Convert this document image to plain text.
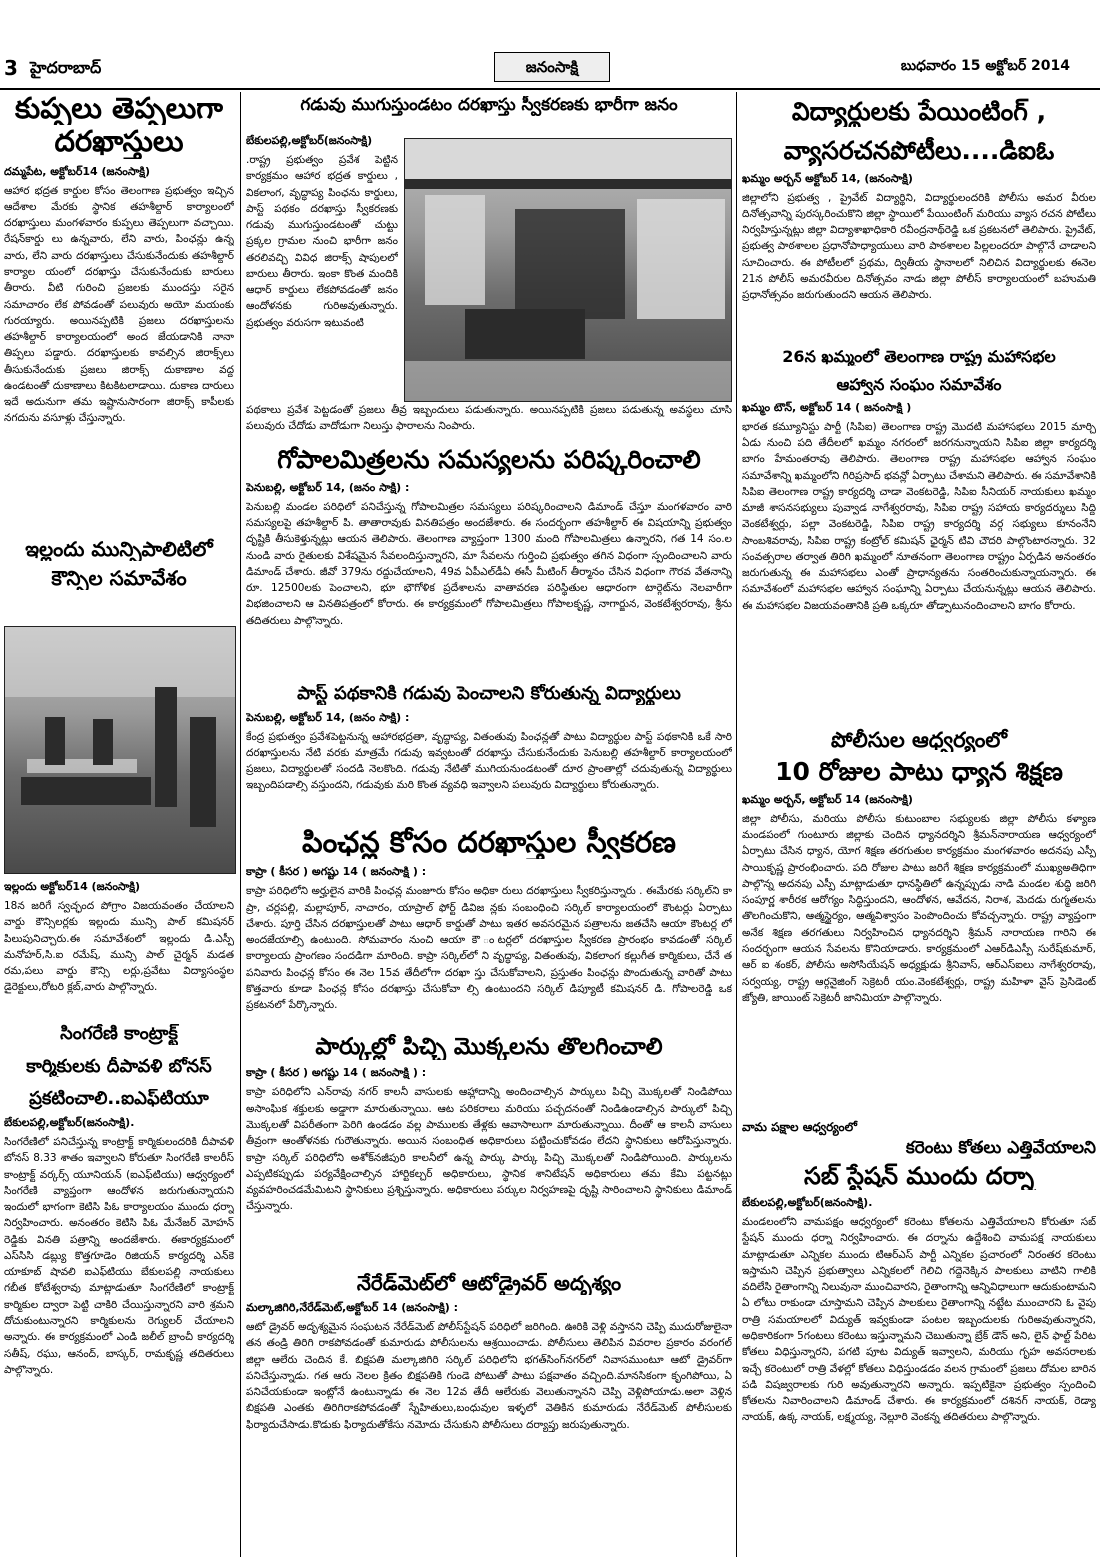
3 హైదరాబాద్	జనంసాక్షి	బుధవారం 15 అక్టోబర్ 2014

కుప్పలు తెప్పలుగా

దరఖాస్తులు

దమ్మపేట, అక్టోబర్14 (జనంసాక్షి)

ఆహార భద్రత కార్డుల కోసం తెలంగాణ ప్రభుత్వం ఇచ్చిన ఆదేశాల మేరకు స్థానిక తహశీల్దార్ కార్యాలంలో దరఖాస్తులు మంగళవారం కుప్పలు తెప్పలుగా వచ్చాయి. రేషన్‌కార్డు లు ఉన్నవారు, లేని వారు, పింఛన్లు ఉన్న వారు, లేని వారు దరఖాస్తులు చేసుకునేందుకు తహశీల్దార్ కార్యాల యంలో దరఖాస్తు చేసుకునేందుకు బారులు తీరారు. వీటి గురించి ప్రజలకు ముందస్తు సరైన సమాచారం లేక పోవడంతో పలువురు అయో మయంకు గురయ్యారు. అయినప్పటికి ప్రజలు దరఖాస్తులను తహశీల్దార్ కార్యాలయంలో అంద జేయడానికి నానా తిప్పలు పడ్డారు. దరఖాస్తులకు కావల్సిన జిరాక్స్‌లు తీసుకునేందుకు ప్రజలు జిరాక్స్ దుకాణాల వద్ద ఉండటంతో దుకాణాలు కిటకిటలాడాయి. దుకాణ దారులు ఇదే అదునుగా తమ ఇష్టానుసారంగా జిరాక్స్ కాపీలకు నగదును వసూళ్లు చేస్తున్నారు.

ఇల్లందు మున్సిపాలిటిలో

కౌన్సిల సమావేశం

ఇల్లందు అక్టోబర్14 (జనంసాక్షి)

18న జరిగే స్వచ్ఛంద పోగ్రాం విజయవంతం చేయాలని వార్డు కౌన్సిలర్లకు ఇల్లందు మున్సి పాల్ కమిషనర్ పిలుపునిచ్చారు.ఈ సమావేశంలో ఇల్లందు డి.ఎస్పీ మనోహర్,సి.ఐ రమేష్, మున్సి పాల్ చైర్మన్ మడత రమ,పలు వార్డు కౌన్సి లర్లు,ప్రవేటు విద్యాసంస్థల డైరెక్టులు,రోటరి క్లబ్,వారు పాల్గొన్నారు.

సింగరేణి కాంట్రాక్ట్

కార్మికులకు దీపావళి బోనస్

ప్రకటించాలి..ఐఎఫ్‌టియూ

బేకులపల్లి,అక్టోబర్(జనంసాక్షి).

సింగరేణిలో పనిచేస్తున్న కాంట్రాక్ట్ కార్మికులందరికి దీపావళి బోనస్ 8.33 శాతం ఇవ్వాలని కోరుతూ సింగరేణి కాలరీస్ కాంట్రాక్ట్ వర్కర్స్ యూనియన్ (ఐఎఫ్‌టియు) ఆధ్వర్యంలో సింగరేణి వ్యాప్తంగా ఆందోళన జరుగుతున్నాయని ఇందులో భాగంగా కెటిసి పిఓ కార్యాలయం ముందు ధర్నా నిర్వహించారు. అనంతరం కెటిసి పిఓ మేనేజర్ మోహన్ రెడ్డికు వినతి పత్రాన్ని అందజేశారు. ఈకార్యక్రమంలో ఎస్‌సిసి డబ్ల్యు కొత్తగూడెం రిజియన్ కార్యదర్శి ఎన్‌కె యాకూబ్ షావలి ఐఎఫ్‌టియు బేకులపల్లి నాయకులు గబీత కోటేశ్వరావు మాట్లాడుతూ సింగరేణిలో కాంట్రాక్ట్ కార్మికుల ద్వారా పెట్టి చాకిరి చేయిస్తున్నారని వారి శ్రమని దోచుకుంటున్నారని కార్మికులను రెగ్యులర్ చేయాలని అన్నారు. ఈ కార్యక్రమంలో ఎండి జలీల్ బ్రాంచీ కార్యదర్శి సతీష్, రఘు, ఆనంద్, బాస్కర్, రామకృష్ణ తదితరులు పాల్గొన్నారు.

గడువు ముగుస్తుండటం దరఖాస్తు స్వీకరణకు భారీగా జనం

బేకులపల్లి,అక్టోబర్(జనంసాక్షి)

.రాష్ట్ర ప్రభుత్వం ప్రవేశ పెట్టిన కార్యక్రమం ఆహార భద్రత కార్డులు , వికలాంగ, వృద్ధాప్య పింఛను కార్డులు, పాస్ట్ పథకం దరఖాస్తు స్వీకరణకు గడువు ముగుస్తుండటంతో చుట్టు ప్రక్కల గ్రామల నుంచి భారీగా జనం తరలివచ్చి వివిధ జిరాక్స్ షాపులలో బారులు తీరారు. ఇంకా కొంత మందికి ఆధార్ కార్డులు లేకపోవడంతో జనం ఆందోళనకు గురిఅవుతున్నారు. ప్రభుత్వం వరుసగా ఇటువంటి

పథకాలు ప్రవేశ పెట్టడంతో ప్రజలు తీవ్ర ఇబ్బందులు పడుతున్నారు. అయినప్పటికి ప్రజలు పడుతున్న అవస్థలు చూసి పలువురు చేదోడు వాదోడుగా నిలుస్తు ఫారాలను నింపారు.

గోపాలమిత్రలను సమస్యలను పరిష్కరించాలి

పెనుబల్లి, అక్టోబర్ 14, (జనం సాక్షి) :

పెనుబల్లి మండల పరిధిలో పనిచేస్తున్న గోపాలమిత్రల సమస్యలు పరిష్కరించాలని డిమాండ్ చేస్తూ మంగళవారం వారి సమస్యలపై తహశీల్దార్ పి. తాతారావుకు వినతిపత్రం అందజేశారు. ఈ సందర్భంగా తహశీల్దార్ ఈ విషయాన్ని ప్రభుత్వం దృష్టికి తీసుకెళ్తున్నట్లు ఆయన తెలిపారు. తెలంగాణ వ్యాప్తంగా 1300 మంది గోపాలమిత్రలు ఉన్నారని, గత 14 సం.ల నుండి వారు రైతులకు విశేషమైన సేవలందిస్తున్నారని, మా సేవలను గుర్తించి ప్రభుత్వం తగిన విధంగా స్పందించాలని వారు డిమాండ్ చేశారు. జీవో 379ను రద్దుచేయాలని, 49వ ఏపీఎల్‌డీఏ ఈసీ మీటింగ్ తీర్మానం చేసిన విధంగా గౌరవ వేతనాన్ని రూ. 12500లకు పెంచాలని, భూ భౌగోళిక ప్రదేశాలను వాతావరణ పరిస్థితుల ఆధారంగా టార్గెట్‌ను నెలవారీగా విభజించాలని ఆ వినతిపత్రంలో కోరారు. ఈ కార్యక్రమంలో గోపాలమిత్రలు గోపాలకృష్ణ, నాగార్జున, వెంకటేశ్వరరావు, శ్రీను తదితరులు పాల్గొన్నారు.

పాస్ట్ పథకానికి గడువు పెంచాలని కోరుతున్న విద్యార్థులు

పెనుబల్లి, అక్టోబర్ 14, (జనం సాక్షి) :

కేంద్ర ప్రభుత్వం ప్రవేశపెట్టనున్న ఆహారభద్రతా, వృద్ధాప్య, వితంతువు పింఛన్లతో పాటు విద్యార్థుల పాస్ట్ పథకానికి ఒకే సారి దరఖాస్తులను నేటి వరకు మాత్రమే గడువు ఇవ్వటంతో దరఖాస్తు చేసుకునేందుకు పెనుబల్లి తహశీల్దార్ కార్యాలయంలో ప్రజలు, విద్యార్థులతో సందడి నెలకొంది. గడువు నేటితో ముగియనుండటంతో దూర ప్రాంతాల్లో చదువుతున్న విద్యార్థులు ఇబ్బందిపడాల్సి వస్తుందని, గడువుకు మరి కొంత వ్యవధి ఇవ్వాలని పలువురు విద్యార్థులు కోరుతున్నారు.

పింఛన్ల కోసం దరఖాస్తుల స్వీకరణ

కాప్రా ( కీసర ) అగష్టు 14 ( జనంసాక్షి ) :

కాప్రా పరిధిలోని అర్హులైన వారికి పింఛన్ల మంజూరు కోసం అధికా రులు దరఖాస్తులు స్వీకరిస్తున్నారు . ఈమేరకు సర్కిల్‌ని కా ప్రా, చర్లపల్లి, మల్లాపూర్, నాచారం, యాప్రాల్ ఫోర్ట్ డివిజ న్లకు సంబంధించి సర్కిల్ కార్యాలయంలో కౌంటర్లు ఏర్పాటు చేశారు. పూర్తి చేసిన దరఖాస్తులతో పాటు ఆధార్ కార్డుతో పాటు ఇతర అవసరమైన పత్రాలను జతచేసి ఆయా కౌంటర్ల లో అందజేయాల్సి ఉంటుంది. సోమవారం నుంచి ఆయా కౌ ంటర్లలో దరఖాస్తుల స్వీకరణ ప్రారంభం కావడంతో సర్కిల్ కార్యాలయ ప్రాంగణం సందడిగా మారింది. కాప్రా సర్కిల్‌లో ని వృద్ధాప్య, వితంతువు, వికలాంగ కల్లుగీత కార్మికులు, చేనే త పనివారు పింఛన్ల కోసం ఈ నెల 15వ తేదీలోగా దరఖా స్తు చేసుకోవాలని, ప్రస్తుతం పింఛన్లు పొందుతున్న వారితో పాటు కొత్తవారు కూడా పింఛన్ల కోసం దరఖాస్తు చేసుకోవా ల్సి ఉంటుందని సర్కిల్ డిప్యూటీ కమిషనర్ డి. గోపాలరెడ్డి ఒక ప్రకటనలో పేర్కొన్నారు.

పార్కుల్లో పిచ్చి మొక్కలను తొలగించాలి

కాప్రా ( కీసర ) అగష్టు 14 ( జనంసాక్షి ) :

కాప్రా పరిధిలోని ఎన్‌రావు నగర్ కాలనీ వాసులకు ఆహ్లాదాన్ని అందించాల్సిన పార్కులు పిచ్చి మొక్కలతో నిండిపోయి అసాంఘిక శక్తులకు అడ్డాగా మారుతున్నాయి. ఆట పరికరాలు మరియు పచ్చదనంతో నిండిఉండాల్సిన పార్కులో పిచ్చి మొక్కలతో విపరీతంగా పెరిగి ఉండడం వల్ల పాములకు తేళ్లకు ఆవాసాలుగా మారుతున్నాయి. దీంతో ఆ కాలనీ వాసులు తీవ్రంగా ఆంతోళనకు గురౌతున్నారు. అయిన సంబంధిత అధికారులు పట్టించుకోవడం లేదని స్థానికులు ఆరోపిస్తున్నారు. కాప్రా సర్కిల్ పరిధిలోని అశోక్‌నజీపురి కాలనీలో ఉన్న పార్కు పార్కు పిచ్చి మొక్కలతో నిండిపోయింది. పార్కులను ఎప్పటికప్పుడు పర్యవేక్షించాల్సిన హార్టికల్చర్ అధికారులు, స్థానిక శానిటేషన్ అధికారులు తమ కేమి పట్టనట్లు వ్యవహరించడమేమిటని స్థానికులు ప్రశ్నిస్తున్నారు. అధికారులు పర్కుల నిర్వహణపై దృష్టి సారించాలని స్థానికులు డిమాండ్ చేస్తున్నారు.

నేరేడ్‌మెట్‌లో ఆటోడ్రైవర్ అదృశ్యం

మల్కాజిగిరి,నేరేడ్‌మెట్,అక్టోబర్ 14 (జనంసాక్షి) :

ఆటో డ్రైవర్ అదృశ్యమైన సంఘటన నేరేడ్‌మెట్ పోలీస్‌స్టేషన్ పరిధిలో జరిగింది. ఊరికి వెళ్లి వస్తానని చెప్పి ముదురోజులైనా తన తండ్రి తిరిగి రాకపోవడంతో కుమారుడు పోలీసులను ఆశ్రయించాడు. పోలీసులు తెలిపిన వివరాల ప్రకారం వరంగల్ జిల్లా ఆలేరు చెందిన కే. బిక్షపతి మల్కాజిగిరి సర్కిల్ పరిధిలోని భగత్‌సింగ్‌నగర్‌లో నివాసముంటూ ఆటో డ్రైవర్‌గా పనిచేస్తున్నాడు. గత ఆరు నెలల క్రితం బిక్షపతికి గుండె పోటుతో పాటు పక్షవాతం వచ్చింది.మానసికంగా కృంగిపోయి, ఏ పనిచేయకుండా ఇంట్లోనే ఉంటున్నాడు ఈ నెల 12వ తేదీ ఆలేరుకు వెలుతున్నానని చెప్పి వెళ్లిపోయాడు.అలా వెళ్లిన బిక్షపతి ఎంతకు తిరిగిరాకపోవడంతో స్నేహితులు,బంధువుల ఇళ్ళలో వెతికిన కుమారుడు నేరేడ్‌మెట్ పోలీసులకు ఫిర్యాదుచేసాడు.కొడుకు ఫిర్యాదుతోకేసు నమోదు చేసుకుని పోలీసులు దర్యాప్తు జరుపుతున్నారు.

విద్యార్థులకు పేయింటింగ్ ,

వ్యాసరచనపోటీలు....డిఐఓ

ఖమ్మం అర్బన్ అక్టోబర్ 14, (జనంసాక్షి)

జిల్లాలోని ప్రభుత్వ , ప్రైవేట్ విద్యార్థిని, విద్యార్థులందరికి పోలీసు అమర వీరుల దినోత్సవాన్ని పురస్కరించుకొని జిల్లా స్థాయిలో పేయింటింగ్ మరియు వ్యాస రచన పోటీలు నిర్వహిస్తున్నట్లు జిల్లా విద్యాశాఖాధికారి రవీంద్రనాథ్‌రెడ్డి ఒక ప్రకటనలో తెలిపారు. ప్రైవేట్, ప్రభుత్వ పాఠశాలల ప్రధానోపాధ్యాయులు వారి పాఠశాలల పిల్లలందరూ పాల్గొనే చాడాలని సూచించారు. ఈ పోటీలలో ప్రథమ, ద్వితీయ స్థానాలలో నిలిచిన విద్యార్థులకు ఈనెల 21న పోలీస్ అమరవీరుల దినోత్సవం నాడు జిల్లా పోలీస్ కార్యాలయంలో బహుమతి ప్రధానోత్సవం జరుగుతుందని ఆయన తెలిపారు.

26న ఖమ్మంలో తెలంగాణ రాష్ట్ర మహాసభల

ఆహ్వాన సంఘం సమావేశం

ఖమ్మం టౌన్, అక్టోబర్ 14 ( జనంసాక్షి )

భారత కమ్యూనిస్టు పార్టీ (సిపిఐ) తెలంగాణ రాష్ట్ర మొదటి మహాసభలు 2015 మార్చి ఏడు నుంచి పది తేదీలలో ఖమ్మం నగరంలో జరగనున్నాయని సిపిఐ జిల్లా కార్యదర్శి బాగం హేమంతరావు తెలిపారు. తెలంగాణ రాష్ట్ర మహాసభల ఆహ్వాన సంఘం సమావేశాన్ని ఖమ్మంలోని గిరిప్రసాద్ భవన్లో ఏర్పాటు చేశామని తెలిపారు. ఈ సమావేశానికి సిపిఐ తెలంగాణ రాష్ట్ర కార్యదర్శి చాడా వెంకటరెడ్డి, సిపిఐ సీనియర్ నాయకులు ఖమ్మం మాజీ శాసనసభ్యులు పువ్వాడ నాగేశ్వరరావు, సిపిఐ రాష్ట్ర సహాయ కార్యదర్శులు సిద్ది వెంకటేశ్వర్లు, పల్లా వెంకటరెడ్డి, సిపిఐ రాష్ట్ర కార్యదర్శి వర్గ సభ్యులు కూనంనేని సాంబశివరావు, సిపిఐ రాష్ట్ర కంట్రోల్ కమిషన్ ఛైర్మన్ టివి చౌదరి పాల్గొంటారన్నారు. 32 సంవత్సరాల తర్వాత తిరిగి ఖమ్మంలో నూతనంగా తెలంగాణ రాష్ట్రం ఏర్పడిన అనంతరం జరుగుతున్న ఈ మహాసభలు ఎంతో ప్రాధాన్యతను సంతరించుకున్నాయన్నారు. ఈ సమావేశంలో మహాసభల ఆహ్వాన సంఘాన్ని ఏర్పాటు చేయనున్నట్లు ఆయన తెలిపారు. ఈ మహాసభల విజయవంతానికి ప్రతి ఒక్కరూ తోడ్పాటునందించాలని బాగం కోరారు.

పోలీసుల ఆధ్వర్యంలో

10 రోజుల పాటు ధ్యాన శిక్షణ

ఖమ్మం అర్బన్, అక్టోబర్ 14 (జనంసాక్షి)

జిల్లా పోలీసు, మరియు పోలీసు కుటుంబాల సభ్యులకు జిల్లా పోలీసు కళ్యాణ మండపంలో గుంటూరు జిల్లాకు చెందిన ధ్యానదర్శిని శ్రీమన్‌నారాయణ ఆధ్వర్యంలో ఏర్పాటు చేసిన ధ్యాన, యోగ శిక్షణ తరగుతుల కార్యక్రమం మంగళవారం అదనపు ఎస్పీ సాయికృష్ణ ప్రారంభించారు. పది రోజుల పాటు జరిగే శిక్షణ కార్యక్రమంలో ముఖ్యఅతిధిగా పాల్గొన్న అదనపు ఎస్పీ మాట్లాడుతూ ధానస్థితిలో ఉన్నప్పుడు నాడి మండల శుద్ధి జరిగి సంపూర్ణ శారీరక ఆరోగ్యం సిద్ధిస్తుందని, ఆందోళన, ఆవేదన, నిరాశ, మెదడు రుగ్మతలను తొలగించుకొని, ఆత్మస్థైర్యం, ఆత్మవిశ్వాసం పెంపొందించు కోవచ్చన్నారు. రాష్ట్ర వ్యాప్తంగా అనేక శిక్షణ తరగతులు నిర్వహించిన ధ్యానదర్శిని శ్రీమన్ నారాయణ గారిని ఈ సందర్భంగా ఆయన సేవలను కొనియాడారు. కార్యక్రమంలో ఎఆర్‌డిఎస్పీ సురేష్‌కుమార్, ఆర్ ఐ శంకర్, పోలీసు అసోసియేషన్ అధ్యక్షుడు శ్రీనివాస్, ఆర్ఎస్‌ఐలు నాగేశ్వరరావు, సర్వయ్య, రాష్ట్ర ఆర్గనైజింగ్ సెక్రెటరీ యం.వెంకటేశ్వర్లు, రాష్ట్ర మహిళా వైస్ ప్రెసిడెంట్ జ్యోతి, జాయింట్ సెక్రెటరీ జానిమియా పాల్గొన్నారు.

వామ పక్షాల ఆధ్వర్యంలో

కరెంటు కోతలు ఎత్తివేయాలని

సబ్ స్టేషన్ ముందు దర్నా

బేకులపల్లి,అక్టోబర్(జనంసాక్షి).

మండలంలోని వామపక్షం ఆధ్వర్యంలో కరెంటు కోతలను ఎత్తివేయాలని కోరుతూ సబ్ స్టేషన్ ముందు ధర్నా నిర్వహించారు. ఈ దర్నాను ఉద్దేశించి వామపక్ష నాయకులు మాట్లాడుతూ ఎన్నికల ముందు టిఆర్‌ఎస్ పార్టీ ఎన్నికల ప్రచారంలో నిరంతర కరెంటు ఇస్తామని చెప్పిన ప్రభుత్వాలు ఎన్నికలలో గెలిచి గద్దెనెక్కిన పాలకులు వాటిని గాలికి వదిలేసి రైతాంగాన్ని నిలువునా ముంచివారని, రైతాంగాన్ని ఆన్నివిధాలుగా ఆదుకుంటామని ఏ లోటు రాకుండా చూస్తామని చెప్పిన పాలకులు రైతాంగాన్ని నట్టేట ముంచారని ఓ వైపు రాత్రి సమయాలలో విద్యుత్ ఇవ్వకుండా పంటల ఇబ్బందులకు గురిఅవుతున్నారని, అధికారికంగా 5గంటలు కరెంటు ఇస్తున్నామని చెబుతున్నా బ్రేక్ డౌన్ అని, లైన్ ఫాల్ట్ పేరిట కోతలు విధిస్తున్నారని, పగటి పూట విద్యుత్ ఇవ్వాలని, మరియు గృహ అవసరాలకు ఇచ్చే కరెంటులో రాత్రి వేళల్లో కోతలు విధిస్తుండడం వలన గ్రామంలో ప్రజలు దోమల బారిన పడి విషజ్వరాలకు గురి అవుతున్నారని అన్నారు. ఇప్పటికైనా ప్రభుత్వం స్పందించి కోతలను నివారించాలని డిమాండ్ చేశారు. ఈ కార్యక్రమంలో దశినగ్ నాయక్, రెడ్యా నాయక్, ఉక్క నాయక్, లక్ష్మయ్య, నెల్లూరి వెంకన్న తదితరులు పాల్గొన్నారు.
